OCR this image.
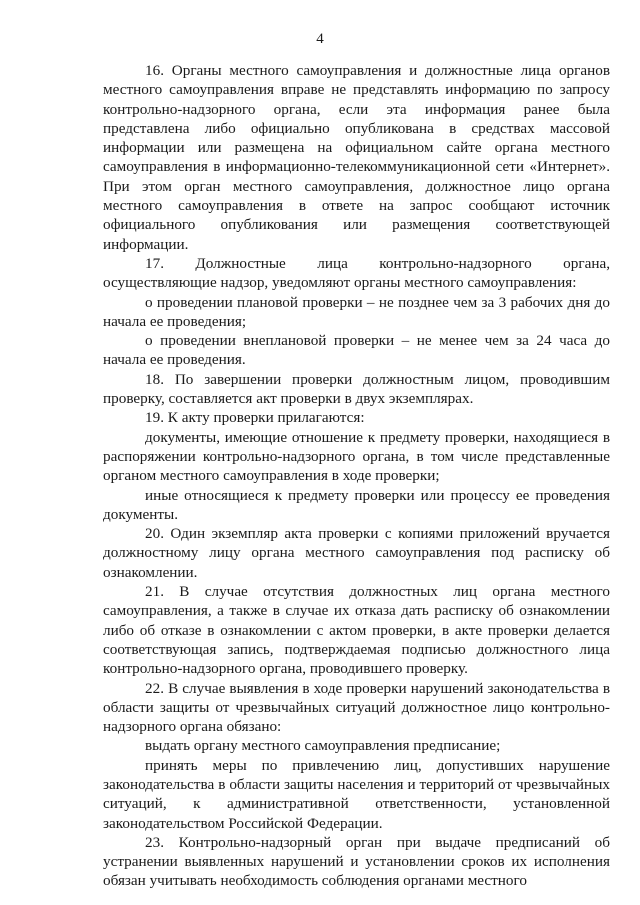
4

16. Органы местного самоуправления и должностные лица органов местного самоуправления вправе не представлять информацию по запросу контрольно-надзорного органа, если эта информация ранее была представлена либо официально опубликована в средствах массовой информации или размещена на официальном сайте органа местного самоуправления в информационно-телекоммуникационной сети «Интернет». При этом орган местного самоуправления, должностное лицо органа местного самоуправления в ответе на запрос сообщают источник официального опубликования или размещения соответствующей информации.

17. Должностные лица контрольно-надзорного органа, осуществляющие надзор, уведомляют органы местного самоуправления:

о проведении плановой проверки – не позднее чем за 3 рабочих дня до начала ее проведения;

о проведении внеплановой проверки – не менее чем за 24 часа до начала ее проведения.

18. По завершении проверки должностным лицом, проводившим проверку, составляется акт проверки в двух экземплярах.

19. К акту проверки прилагаются:

документы, имеющие отношение к предмету проверки, находящиеся в распоряжении контрольно-надзорного органа, в том числе представленные органом местного самоуправления в ходе проверки;

иные относящиеся к предмету проверки или процессу ее проведения документы.

20. Один экземпляр акта проверки с копиями приложений вручается должностному лицу органа местного самоуправления под расписку об ознакомлении.

21. В случае отсутствия должностных лиц органа местного самоуправления, а также в случае их отказа дать расписку об ознакомлении либо об отказе в ознакомлении с актом проверки, в акте проверки делается соответствующая запись, подтверждаемая подписью должностного лица контрольно-надзорного органа, проводившего проверку.

22. В случае выявления в ходе проверки нарушений законодательства в области защиты от чрезвычайных ситуаций должностное лицо контрольно-надзорного органа обязано:

выдать органу местного самоуправления предписание;

принять меры по привлечению лиц, допустивших нарушение законодательства в области защиты населения и территорий от чрезвычайных ситуаций, к административной ответственности, установленной законодательством Российской Федерации.

23. Контрольно-надзорный орган при выдаче предписаний об устранении выявленных нарушений и установлении сроков их исполнения обязан учитывать необходимость соблюдения органами местного
